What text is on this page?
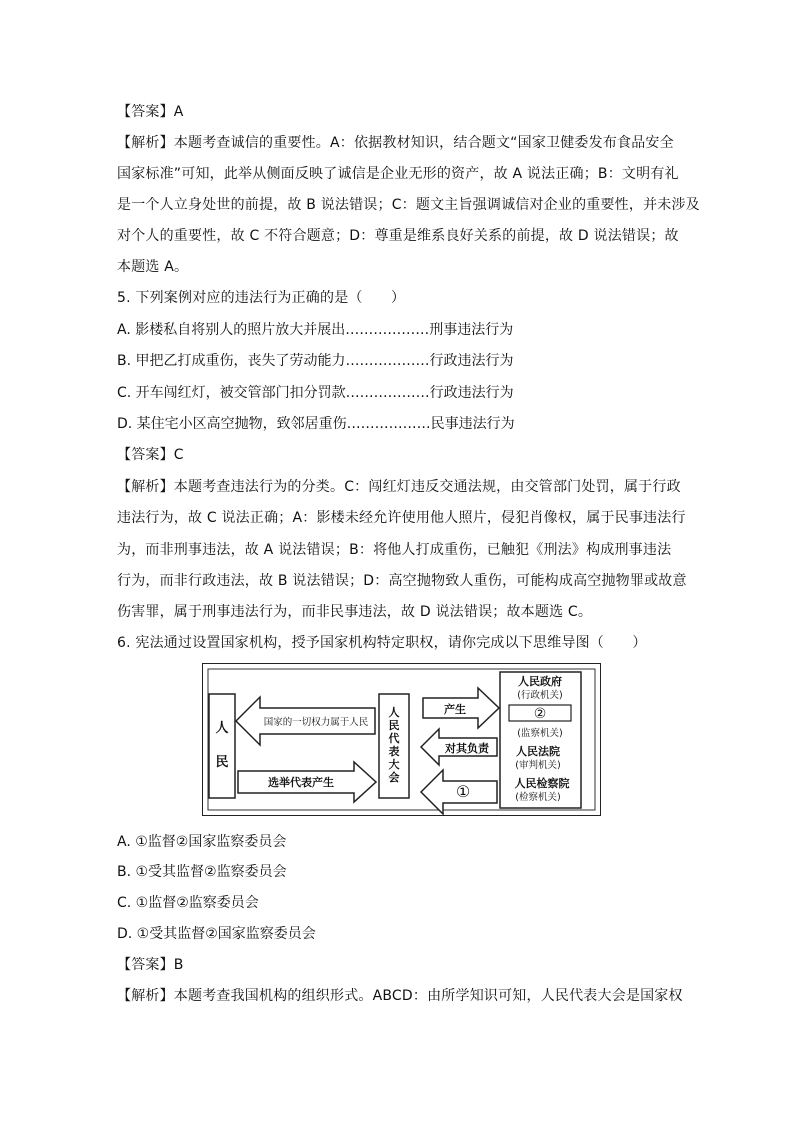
【答案】A
【解析】本题考查诚信的重要性。A：依据教材知识，结合题文“国家卫健委发布食品安全
国家标准”可知，此举从侧面反映了诚信是企业无形的资产，故 A 说法正确；B：文明有礼
是一个人立身处世的前提，故 B 说法错误；C：题文主旨强调诚信对企业的重要性，并未涉及
对个人的重要性，故 C 不符合题意；D：尊重是维系良好关系的前提，故 D 说法错误；故
本题选 A。
5. 下列案例对应的违法行为正确的是（　　）
A. 影楼私自将别人的照片放大并展出………………刑事违法行为
B. 甲把乙打成重伤，丧失了劳动能力………………行政违法行为
C. 开车闯红灯，被交管部门扣分罚款………………行政违法行为
D. 某住宅小区高空抛物，致邻居重伤………………民事违法行为
【答案】C
【解析】本题考查违法行为的分类。C：闯红灯违反交通法规，由交管部门处罚，属于行政
违法行为，故 C 说法正确；A：影楼未经允许使用他人照片，侵犯肖像权，属于民事违法行
为，而非刑事违法，故 A 说法错误；B：将他人打成重伤，已触犯《刑法》构成刑事违法
行为，而非行政违法，故 B 说法错误；D：高空抛物致人重伤，可能构成高空抛物罪或故意
伤害罪，属于刑事违法行为，而非民事违法，故 D 说法错误；故本题选 C。
6. 宪法通过设置国家机构，授予国家机构特定职权，请你完成以下思维导图（　　）
人
民
国家的一切权力属于人民
选举代表产生
人
民
代
表
大
会
产生
对其负责
①
人民政府
(行政机关)
②
(监察机关)
人民法院
(审判机关)
人民检察院
(检察机关)
A. ①监督②国家监察委员会
B. ①受其监督②监察委员会
C. ①监督②监察委员会
D. ①受其监督②国家监察委员会
【答案】B
【解析】本题考查我国机构的组织形式。ABCD：由所学知识可知，人民代表大会是国家权
